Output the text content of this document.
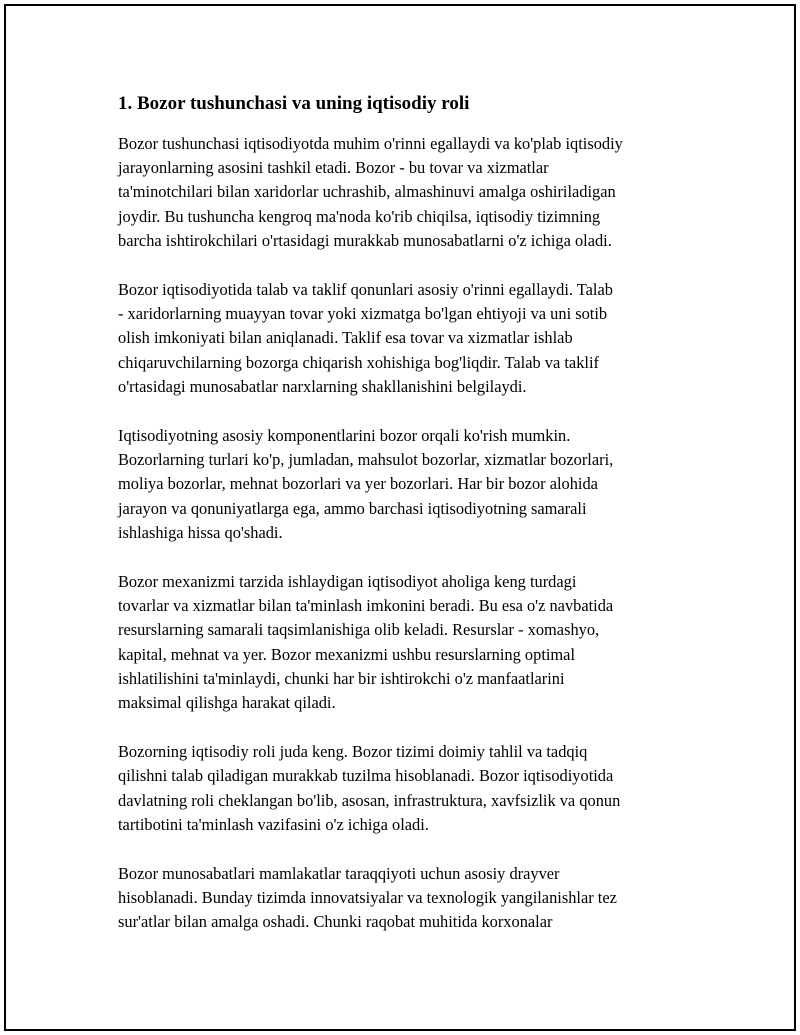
1. Bozor tushunchasi va uning iqtisodiy roli
Bozor tushunchasi iqtisodiyotda muhim o'rinni egallaydi va ko'plab iqtisodiy
jarayonlarning asosini tashkil etadi. Bozor - bu tovar va xizmatlar
ta'minotchilari bilan xaridorlar uchrashib, almashinuvi amalga oshiriladigan
joydir. Bu tushuncha kengroq ma'noda ko'rib chiqilsa, iqtisodiy tizimning
barcha ishtirokchilari o'rtasidagi murakkab munosabatlarni o'z ichiga oladi.
Bozor iqtisodiyotida talab va taklif qonunlari asosiy o'rinni egallaydi. Talab
- xaridorlarning muayyan tovar yoki xizmatga bo'lgan ehtiyoji va uni sotib
olish imkoniyati bilan aniqlanadi. Taklif esa tovar va xizmatlar ishlab
chiqaruvchilarning bozorga chiqarish xohishiga bog'liqdir. Talab va taklif
o'rtasidagi munosabatlar narxlarning shakllanishini belgilaydi.
Iqtisodiyotning asosiy komponentlarini bozor orqali ko'rish mumkin.
Bozorlarning turlari ko'p, jumladan, mahsulot bozorlar, xizmatlar bozorlari,
moliya bozorlar, mehnat bozorlari va yer bozorlari. Har bir bozor alohida
jarayon va qonuniyatlarga ega, ammo barchasi iqtisodiyotning samarali
ishlashiga hissa qo'shadi.
Bozor mexanizmi tarzida ishlaydigan iqtisodiyot aholiga keng turdagi
tovarlar va xizmatlar bilan ta'minlash imkonini beradi. Bu esa o'z navbatida
resurslarning samarali taqsimlanishiga olib keladi. Resurslar - xomashyo,
kapital, mehnat va yer. Bozor mexanizmi ushbu resurslarning optimal
ishlatilishini ta'minlaydi, chunki har bir ishtirokchi o'z manfaatlarini
maksimal qilishga harakat qiladi.
Bozorning iqtisodiy roli juda keng. Bozor tizimi doimiy tahlil va tadqiq
qilishni talab qiladigan murakkab tuzilma hisoblanadi. Bozor iqtisodiyotida
davlatning roli cheklangan bo'lib, asosan, infrastruktura, xavfsizlik va qonun
tartibotini ta'minlash vazifasini o'z ichiga oladi.
Bozor munosabatlari mamlakatlar taraqqiyoti uchun asosiy drayver
hisoblanadi. Bunday tizimda innovatsiyalar va texnologik yangilanishlar tez
sur'atlar bilan amalga oshadi. Chunki raqobat muhitida korxonalar
